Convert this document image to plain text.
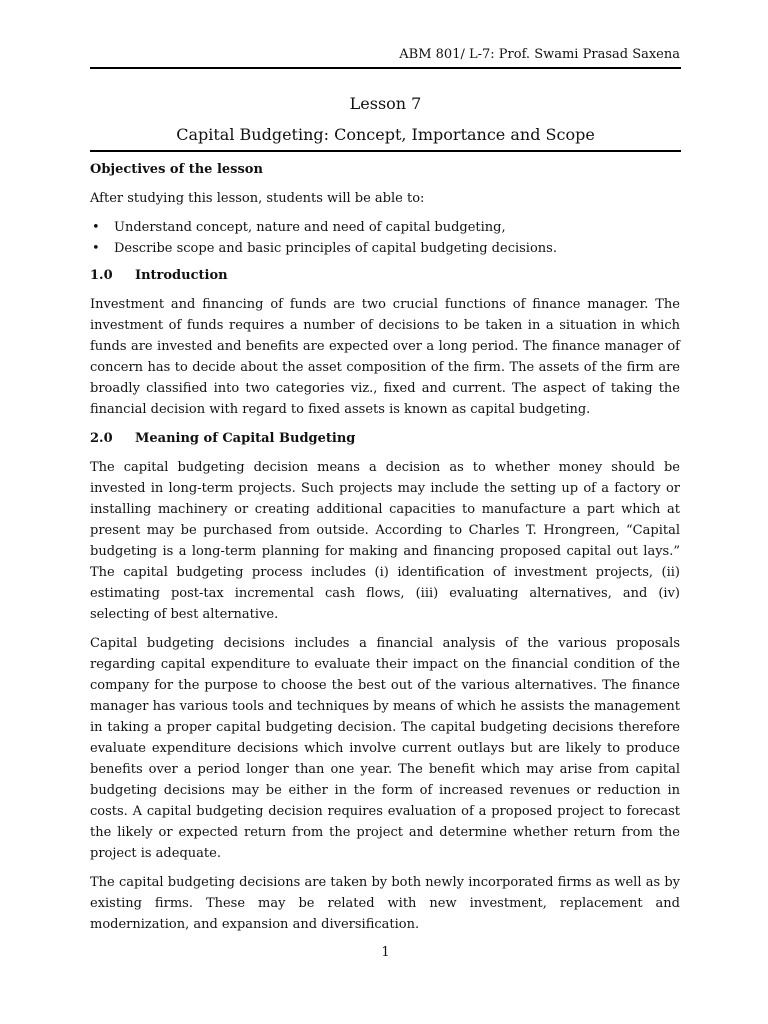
ABM 801/ L-7: Prof. Swami Prasad Saxena
Lesson 7
Capital Budgeting: Concept, Importance and Scope
Objectives of the lesson

After studying this lesson, students will be able to:

• Understand concept, nature and need of capital budgeting,
• Describe scope and basic principles of capital budgeting decisions.
1.0 Introduction

Investment and financing of funds are two crucial functions of finance manager. The investment of funds requires a number of decisions to be taken in a situation in which funds are invested and benefits are expected over a long period. The finance manager of concern has to decide about the asset composition of the firm. The assets of the firm are broadly classified into two categories viz., fixed and current. The aspect of taking the financial decision with regard to fixed assets is known as capital budgeting.

2.0 Meaning of Capital Budgeting

The capital budgeting decision means a decision as to whether money should be invested in long-term projects. Such projects may include the setting up of a factory or installing machinery or creating additional capacities to manufacture a part which at present may be purchased from outside. According to Charles T. Hrongreen, “Capital budgeting is a long-term planning for making and financing proposed capital out lays.” The capital budgeting process includes (i) identification of investment projects, (ii) estimating post-tax incremental cash flows, (iii) evaluating alternatives, and (iv) selecting of best alternative.

Capital budgeting decisions includes a financial analysis of the various proposals regarding capital expenditure to evaluate their impact on the financial condition of the company for the purpose to choose the best out of the various alternatives. The finance manager has various tools and techniques by means of which he assists the management in taking a proper capital budgeting decision. The capital budgeting decisions therefore evaluate expenditure decisions which involve current outlays but are likely to produce benefits over a period longer than one year. The benefit which may arise from capital budgeting decisions may be either in the form of increased revenues or reduction in costs. A capital budgeting decision requires evaluation of a proposed project to forecast the likely or expected return from the project and determine whether return from the project is adequate.

The capital budgeting decisions are taken by both newly incorporated firms as well as by existing firms. These may be related with new investment, replacement and modernization, and expansion and diversification.

1
